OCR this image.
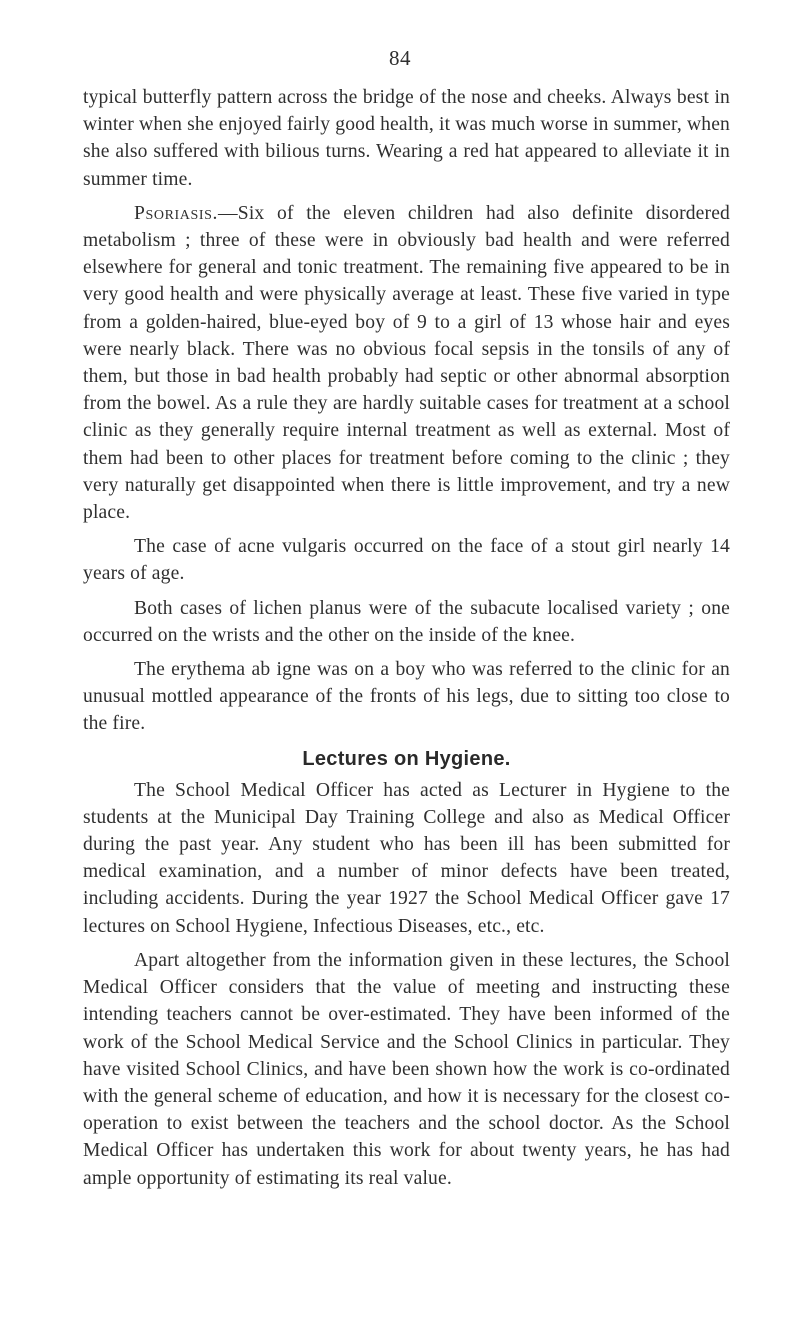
84

typical butterfly pattern across the bridge of the nose and cheeks. Always best in winter when she enjoyed fairly good health, it was much worse in summer, when she also suffered with bilious turns. Wearing a red hat appeared to alleviate it in summer time.

Psoriasis.—Six of the eleven children had also definite disordered metabolism ; three of these were in obviously bad health and were referred elsewhere for general and tonic treatment. The remaining five appeared to be in very good health and were physically average at least. These five varied in type from a golden-haired, blue-eyed boy of 9 to a girl of 13 whose hair and eyes were nearly black. There was no obvious focal sepsis in the tonsils of any of them, but those in bad health probably had septic or other abnormal absorption from the bowel. As a rule they are hardly suitable cases for treatment at a school clinic as they generally require internal treatment as well as external. Most of them had been to other places for treatment before coming to the clinic ; they very naturally get disappointed when there is little improvement, and try a new place.

The case of acne vulgaris occurred on the face of a stout girl nearly 14 years of age.

Both cases of lichen planus were of the subacute localised variety ; one occurred on the wrists and the other on the inside of the knee.

The erythema ab igne was on a boy who was referred to the clinic for an unusual mottled appearance of the fronts of his legs, due to sitting too close to the fire.

Lectures on Hygiene.

The School Medical Officer has acted as Lecturer in Hygiene to the students at the Municipal Day Training College and also as Medical Officer during the past year. Any student who has been ill has been submitted for medical examination, and a number of minor defects have been treated, including accidents. During the year 1927 the School Medical Officer gave 17 lectures on School Hygiene, Infectious Diseases, etc., etc.

Apart altogether from the information given in these lectures, the School Medical Officer considers that the value of meeting and instructing these intending teachers cannot be over-estimated. They have been informed of the work of the School Medical Service and the School Clinics in particular. They have visited School Clinics, and have been shown how the work is co-ordinated with the general scheme of education, and how it is necessary for the closest co-operation to exist between the teachers and the school doctor. As the School Medical Officer has undertaken this work for about twenty years, he has had ample opportunity of estimating its real value.
